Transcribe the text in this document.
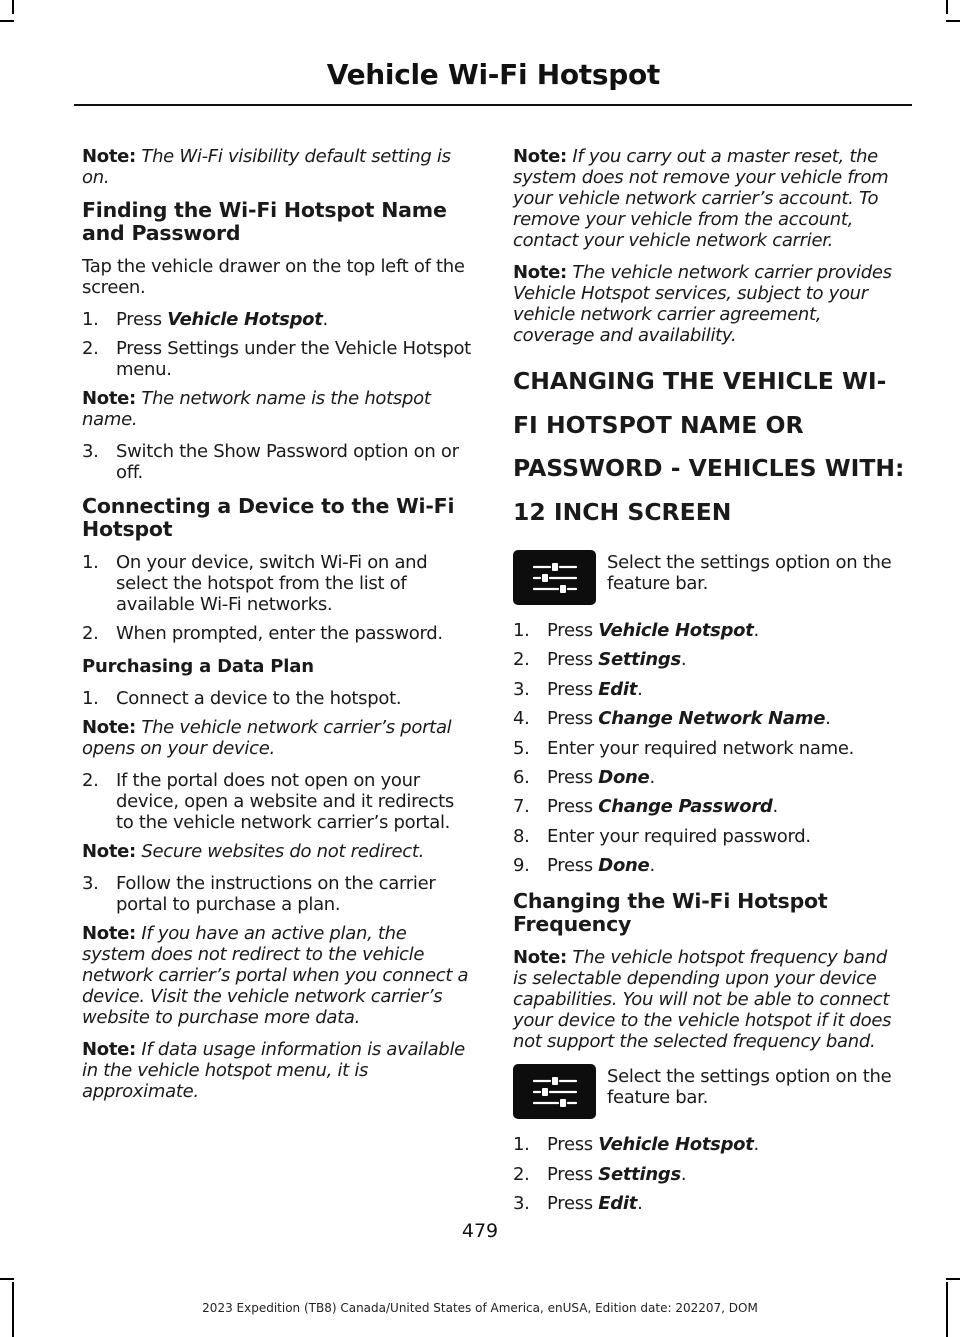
Vehicle Wi-Fi Hotspot

Note: The Wi-Fi visibility default setting is on.

Finding the Wi-Fi Hotspot Name and Password

Tap the vehicle drawer on the top left of the screen.

1. Press Vehicle Hotspot.
2. Press Settings under the Vehicle Hotspot menu.

Note: The network name is the hotspot name.

3. Switch the Show Password option on or off.
Connecting a Device to the Wi-Fi Hotspot
1. On your device, switch Wi-Fi on and select the hotspot from the list of available Wi-Fi networks.
2. When prompted, enter the password.
Purchasing a Data Plan
1. Connect a device to the hotspot.

Note: The vehicle network carrier’s portal opens on your device.

2. If the portal does not open on your device, open a website and it redirects to the vehicle network carrier’s portal.

Note: Secure websites do not redirect.

3. Follow the instructions on the carrier portal to purchase a plan.

Note: If you have an active plan, the system does not redirect to the vehicle network carrier’s portal when you connect a device. Visit the vehicle network carrier’s website to purchase more data.

Note: If data usage information is available in the vehicle hotspot menu, it is approximate.

Note: If you carry out a master reset, the system does not remove your vehicle from your vehicle network carrier’s account. To remove your vehicle from the account, contact your vehicle network carrier.

Note: The vehicle network carrier provides Vehicle Hotspot services, subject to your vehicle network carrier agreement, coverage and availability.

CHANGING THE VEHICLE WI-FI HOTSPOT NAME OR PASSWORD - VEHICLES WITH: 12 INCH SCREEN
Select the settings option on the feature bar.
1. Press Vehicle Hotspot.
2. Press Settings.
3. Press Edit.
4. Press Change Network Name.
5. Enter your required network name.
6. Press Done.
7. Press Change Password.
8. Enter your required password.
9. Press Done.
Changing the Wi-Fi Hotspot Frequency

Note: The vehicle hotspot frequency band is selectable depending upon your device capabilities. You will not be able to connect your device to the vehicle hotspot if it does not support the selected frequency band.

Select the settings option on the feature bar.
1. Press Vehicle Hotspot.
2. Press Settings.
3. Press Edit.
479
2023 Expedition (TB8) Canada/United States of America, enUSA, Edition date: 202207, DOM
